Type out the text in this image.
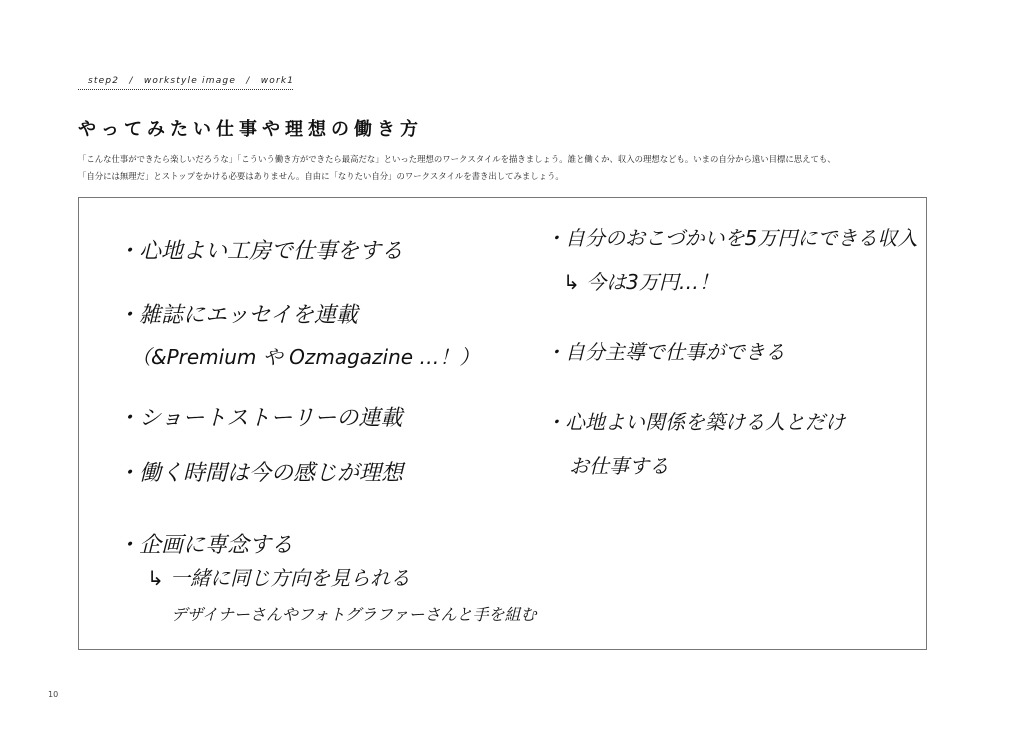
step2　/　workstyle image　/　work1
やってみたい仕事や理想の働き方
「こんな仕事ができたら楽しいだろうな」「こういう働き方ができたら最高だな」といった理想のワークスタイルを描きましょう。誰と働くか、収入の理想なども。いまの自分から遠い目標に思えても、
「自分には無理だ」とストップをかける必要はありません。自由に「なりたい自分」のワークスタイルを書き出してみましょう。
・心地よい工房で仕事をする
・雑誌にエッセイを連載
（&Premium や Ozmagazine …！）
・ショートストーリーの連載
・働く時間は今の感じが理想
・企画に専念する
↳ 一緒に同じ方向を見られる
デザイナーさんやフォトグラファーさんと手を組む
・自分のおこづかいを5万円にできる収入
↳ 今は3万円…！
・自分主導で仕事ができる
・心地よい関係を築ける人とだけ
お仕事する
10
